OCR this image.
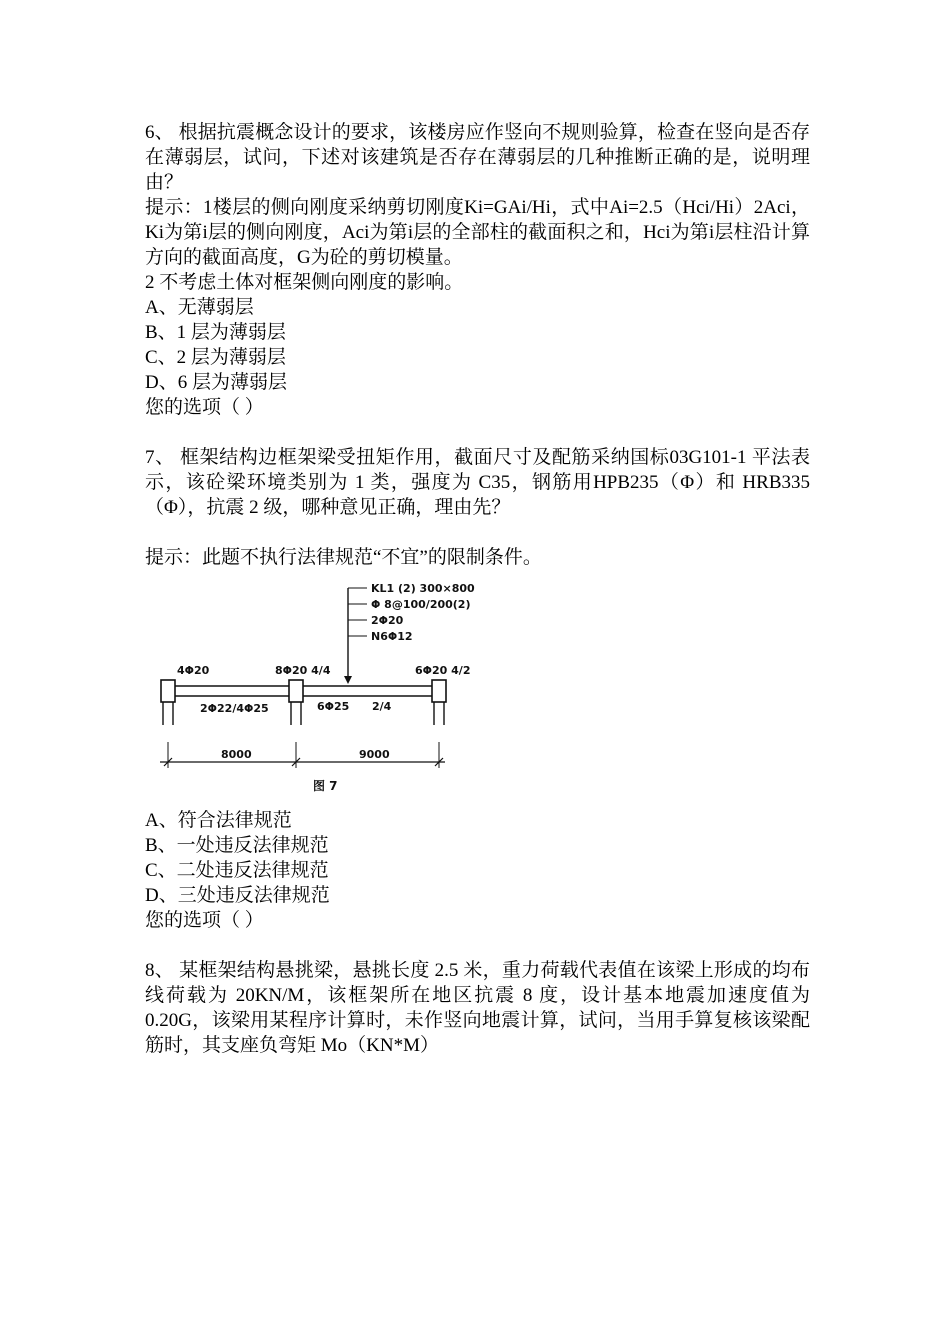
6、 根据抗震概念设计的要求，该楼房应作竖向不规则验算，检查在竖向是否存在薄弱层，试问，下述对该建筑是否存在薄弱层的几种推断正确的是，说明理由？

提示：1楼层的侧向刚度采纳剪切刚度Ki=GAi/Hi，式中Ai=2.5（Hci/Hi）2Aci，Ki为第i层的侧向刚度，Aci为第i层的全部柱的截面积之和，Hci为第i层柱沿计算方向的截面高度，G为砼的剪切模量。

2 不考虑土体对框架侧向刚度的影响。

A、无薄弱层

B、1 层为薄弱层

C、2 层为薄弱层

D、6 层为薄弱层

您的选项（ ）

7、 框架结构边框架梁受扭矩作用，截面尺寸及配筋采纳国标03G101-1 平法表示，该砼梁环境类别为 1 类，强度为 C35，钢筋用HPB235（Φ）和 HRB335（Φ），抗震 2 级，哪种意见正确，理由先？

提示：此题不执行法律规范“不宜”的限制条件。

KL1 (2) 300×800
Φ 8@100/200(2)
2Φ20
N6Φ12
4Φ20	8Φ20 4/4	6Φ20 4/2
2Φ22/4Φ25	6Φ25 2/4
8000	9000
图 7

A、符合法律规范

B、一处违反法律规范

C、二处违反法律规范

D、三处违反法律规范

您的选项（ ）

8、 某框架结构悬挑梁，悬挑长度 2.5 米，重力荷载代表值在该梁上形成的均布线荷载为 20KN/M，该框架所在地区抗震 8 度，设计基本地震加速度值为 0.20G，该梁用某程序计算时，未作竖向地震计算，试问，当用手算复核该梁配筋时，其支座负弯矩 Mo（KN*M）
